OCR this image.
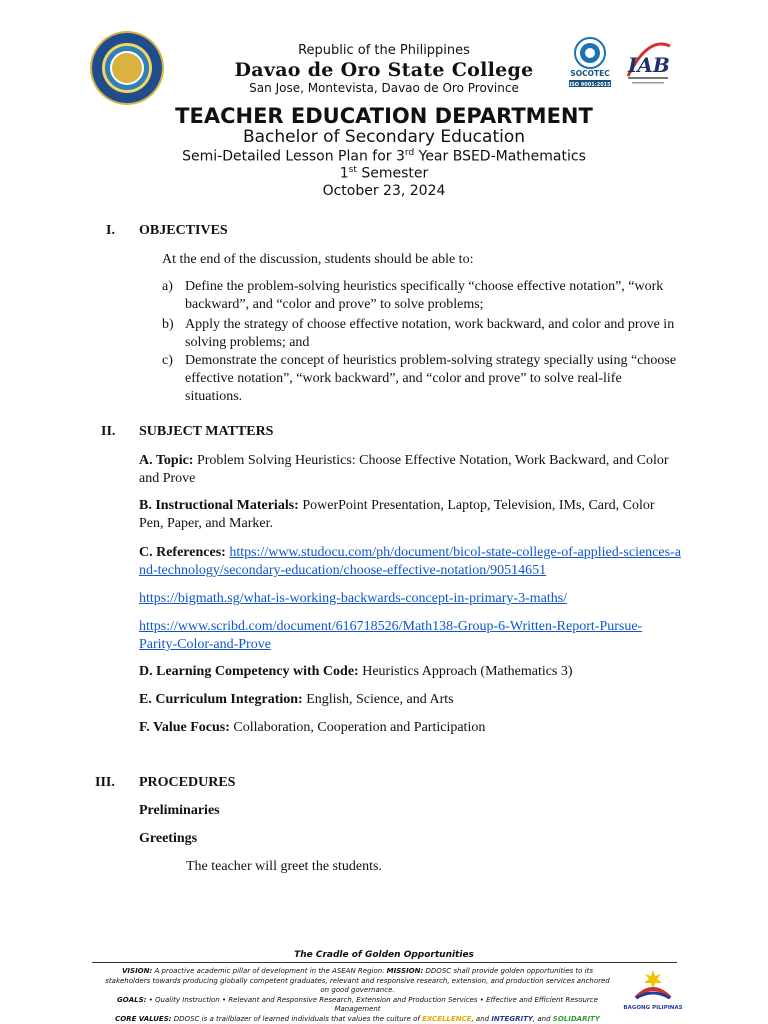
SOCOTEC
ISO 9001:2015
IAB
Republic of the Philippines
Davao de Oro State College
San Jose, Montevista, Davao de Oro Province
TEACHER EDUCATION DEPARTMENT
Bachelor of Secondary Education
Semi-Detailed Lesson Plan for 3rd Year BSED-Mathematics
1st Semester
October 23, 2024
I.	OBJECTIVES
At the end of the discussion, students should be able to:
a) Define the problem-solving heuristics specifically “choose effective notation”, “work backward”, and “color and prove” to solve problems;
b) Apply the strategy of choose effective notation, work backward, and color and prove in solving problems; and
c) Demonstrate the concept of heuristics problem-solving strategy specially using “choose effective notation”, “work backward”, and “color and prove” to solve real-life situations.
II.	SUBJECT MATTERS
A. Topic: Problem Solving Heuristics: Choose Effective Notation, Work Backward, and Color and Prove
B. Instructional Materials: PowerPoint Presentation, Laptop, Television, IMs, Card, Color Pen, Paper, and Marker.
C. References: https://www.studocu.com/ph/document/bicol-state-college-of-applied-sciences-and-technology/secondary-education/choose-effective-notation/90514651
https://bigmath.sg/what-is-working-backwards-concept-in-primary-3-maths/
https://www.scribd.com/document/616718526/Math138-Group-6-Written-Report-Pursue-Parity-Color-and-Prove
D. Learning Competency with Code: Heuristics Approach (Mathematics 3)
E. Curriculum Integration: English, Science, and Arts
F. Value Focus: Collaboration, Cooperation and Participation
III.	PROCEDURES
Preliminaries
Greetings
The teacher will greet the students.
The Cradle of Golden Opportunities
VISION: A proactive academic pillar of development in the ASEAN Region. MISSION: DDOSC shall provide golden opportunities to its stakeholders towards producing globally competent graduates, relevant and responsive research, extension, and production services anchored on good governance.
GOALS: • Quality Instruction • Relevant and Responsive Research, Extension and Production Services • Effective and Efficient Resource Management
CORE VALUES: DDOSC is a trailblazer of learned individuals that values the culture of EXCELLENCE, and INTEGRITY, and SOLIDARITY
BAGONG PILIPINAS
